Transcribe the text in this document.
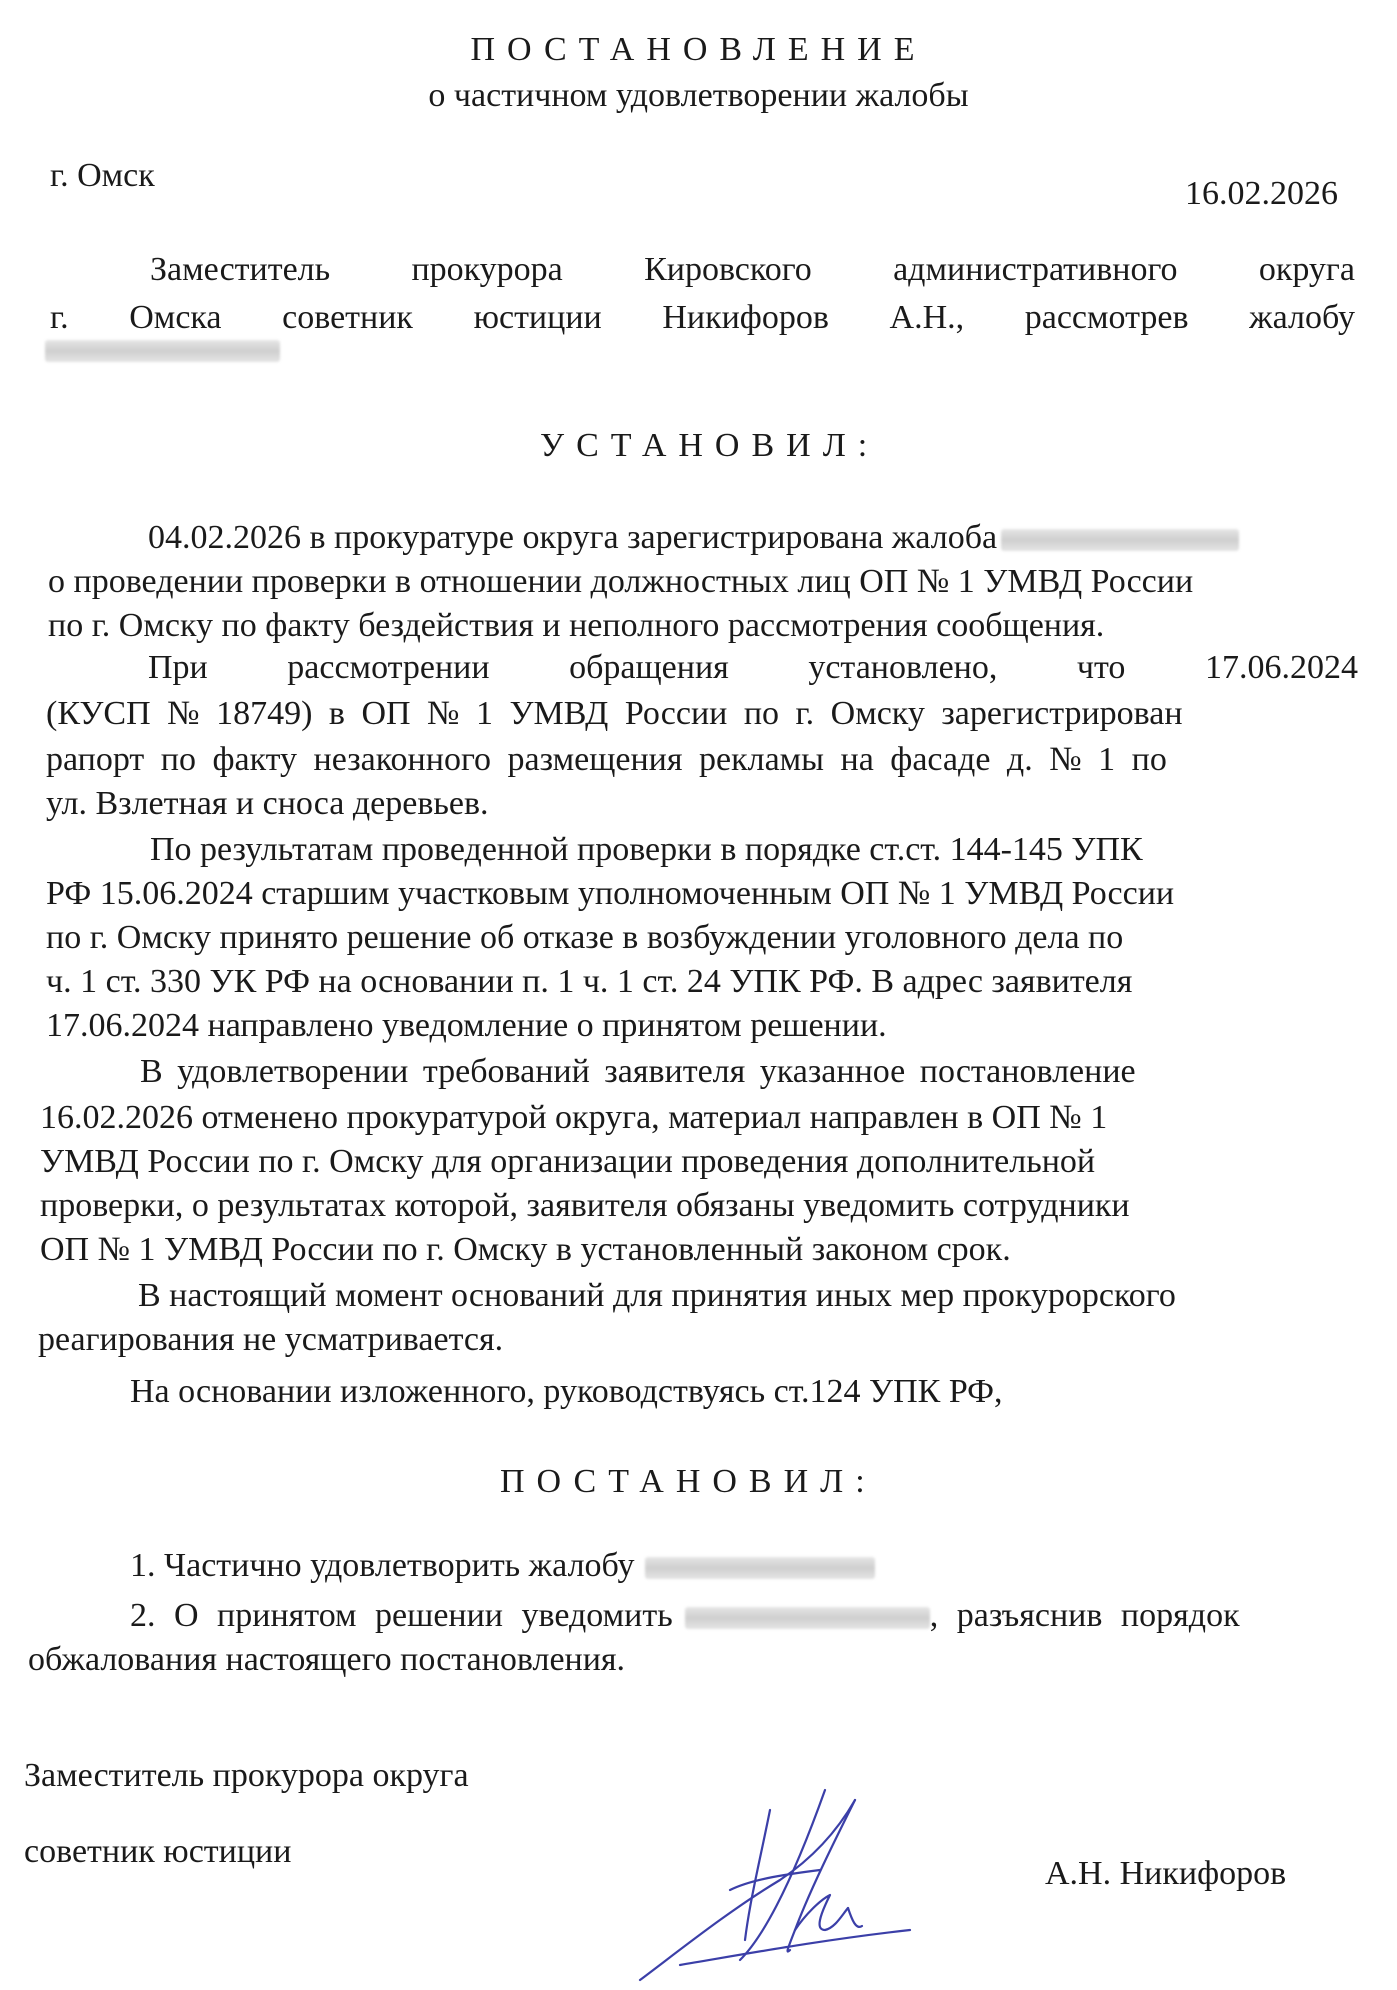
ПОСТАНОВЛЕНИЕ
о частичном удовлетворении жалобы
г. Омск	16.02.2026
Заместитель прокурора Кировского административного округа
г. Омска советник юстиции Никифоров А.Н., рассмотрев жалобу
УСТАНОВИЛ:
04.02.2026 в прокуратуре округа зарегистрирована жалоба
о проведении проверки в отношении должностных лиц ОП № 1 УМВД России
по г. Омску по факту бездействия и неполного рассмотрения сообщения.
При рассмотрении обращения установлено, что 17.06.2024
(КУСП № 18749) в ОП № 1 УМВД России по г. Омску зарегистрирован
рапорт по факту незаконного размещения рекламы на фасаде д. № 1 по
ул. Взлетная и сноса деревьев.
По результатам проведенной проверки в порядке ст.ст. 144-145 УПК
РФ 15.06.2024 старшим участковым уполномоченным ОП № 1 УМВД России
по г. Омску принято решение об отказе в возбуждении уголовного дела по
ч. 1 ст. 330 УК РФ на основании п. 1 ч. 1 ст. 24 УПК РФ. В адрес заявителя
17.06.2024 направлено уведомление о принятом решении.
В удовлетворении требований заявителя указанное постановление
16.02.2026 отменено прокуратурой округа, материал направлен в ОП № 1
УМВД России по г. Омску для организации проведения дополнительной
проверки, о результатах которой, заявителя обязаны уведомить сотрудники
ОП № 1 УМВД России по г. Омску в установленный законом срок.
В настоящий момент оснований для принятия иных мер прокурорского
реагирования не усматривается.
На основании изложенного, руководствуясь ст.124 УПК РФ,
ПОСТАНОВИЛ:
1. Частично удовлетворить жалобу
2. О принятом решении уведомить	, разъяснив порядок
обжалования настоящего постановления.
Заместитель прокурора округа
советник юстиции
А.Н. Никифоров
